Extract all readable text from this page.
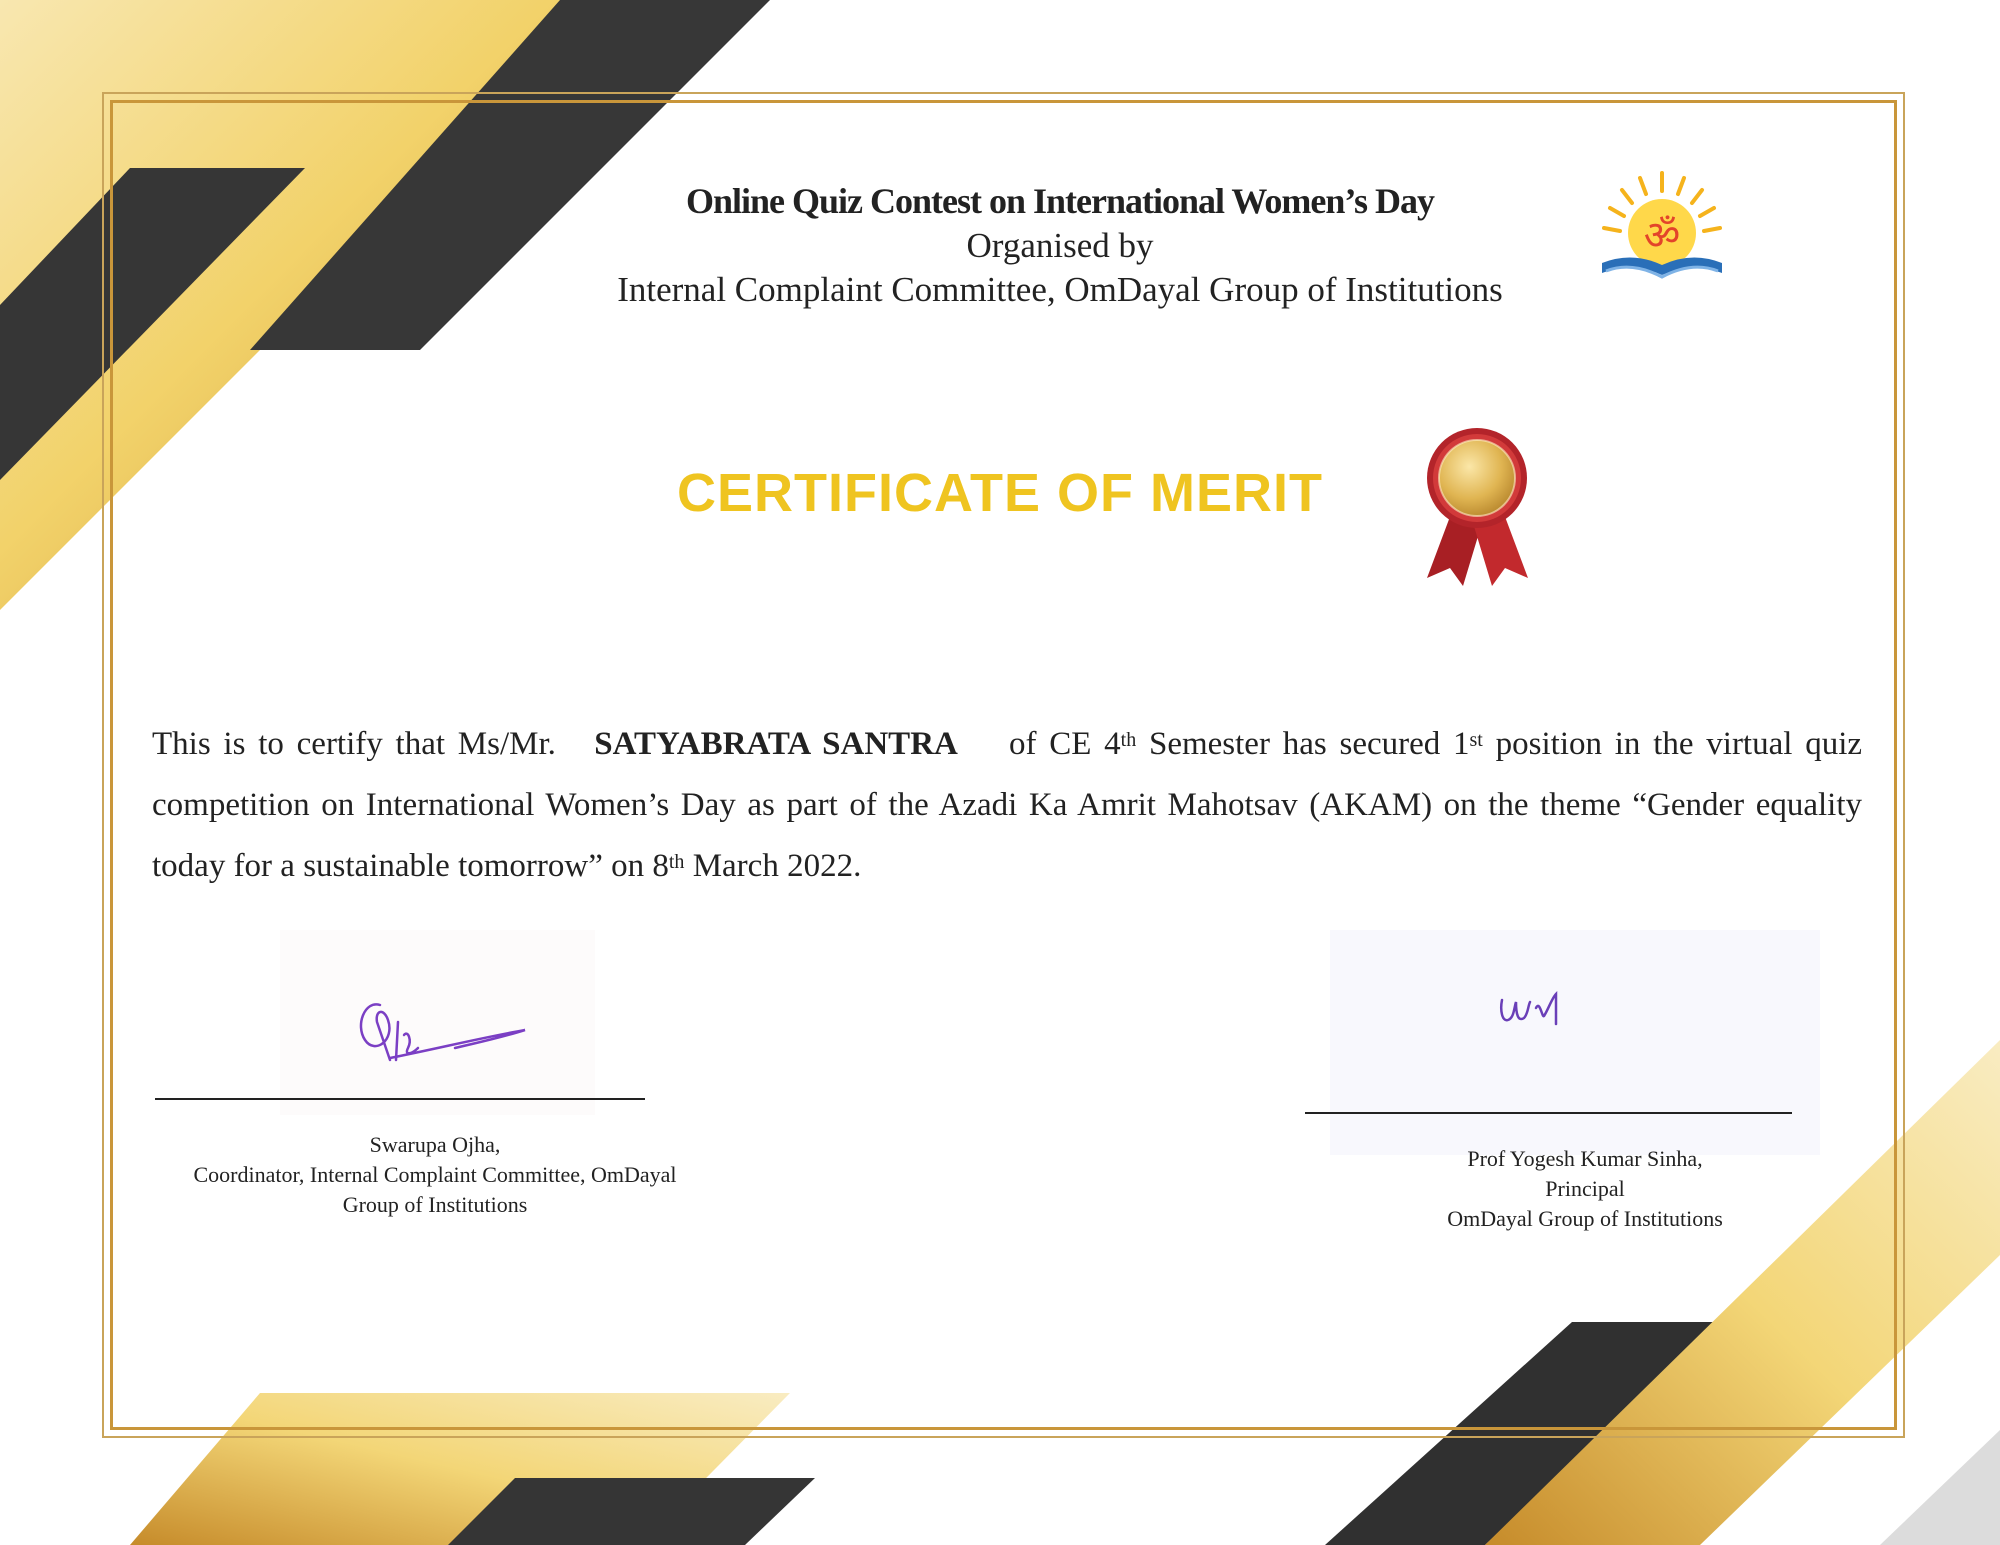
Online Quiz Contest on International Women’s Day
Organised by
Internal Complaint Committee, OmDayal Group of Institutions
ॐ
CERTIFICATE OF MERIT
This is to certify that Ms/Mr. SATYABRATA SANTRA of CE 4th Semester has secured 1st position in the virtual quiz competition on International Women’s Day as part of the Azadi Ka Amrit Mahotsav (AKAM) on the theme “Gender equality today for a sustainable tomorrow” on 8th March 2022.
Swarupa Ojha,
Coordinator, Internal Complaint Committee, OmDayal
Group of Institutions
Prof Yogesh Kumar Sinha,
Principal
OmDayal Group of Institutions
